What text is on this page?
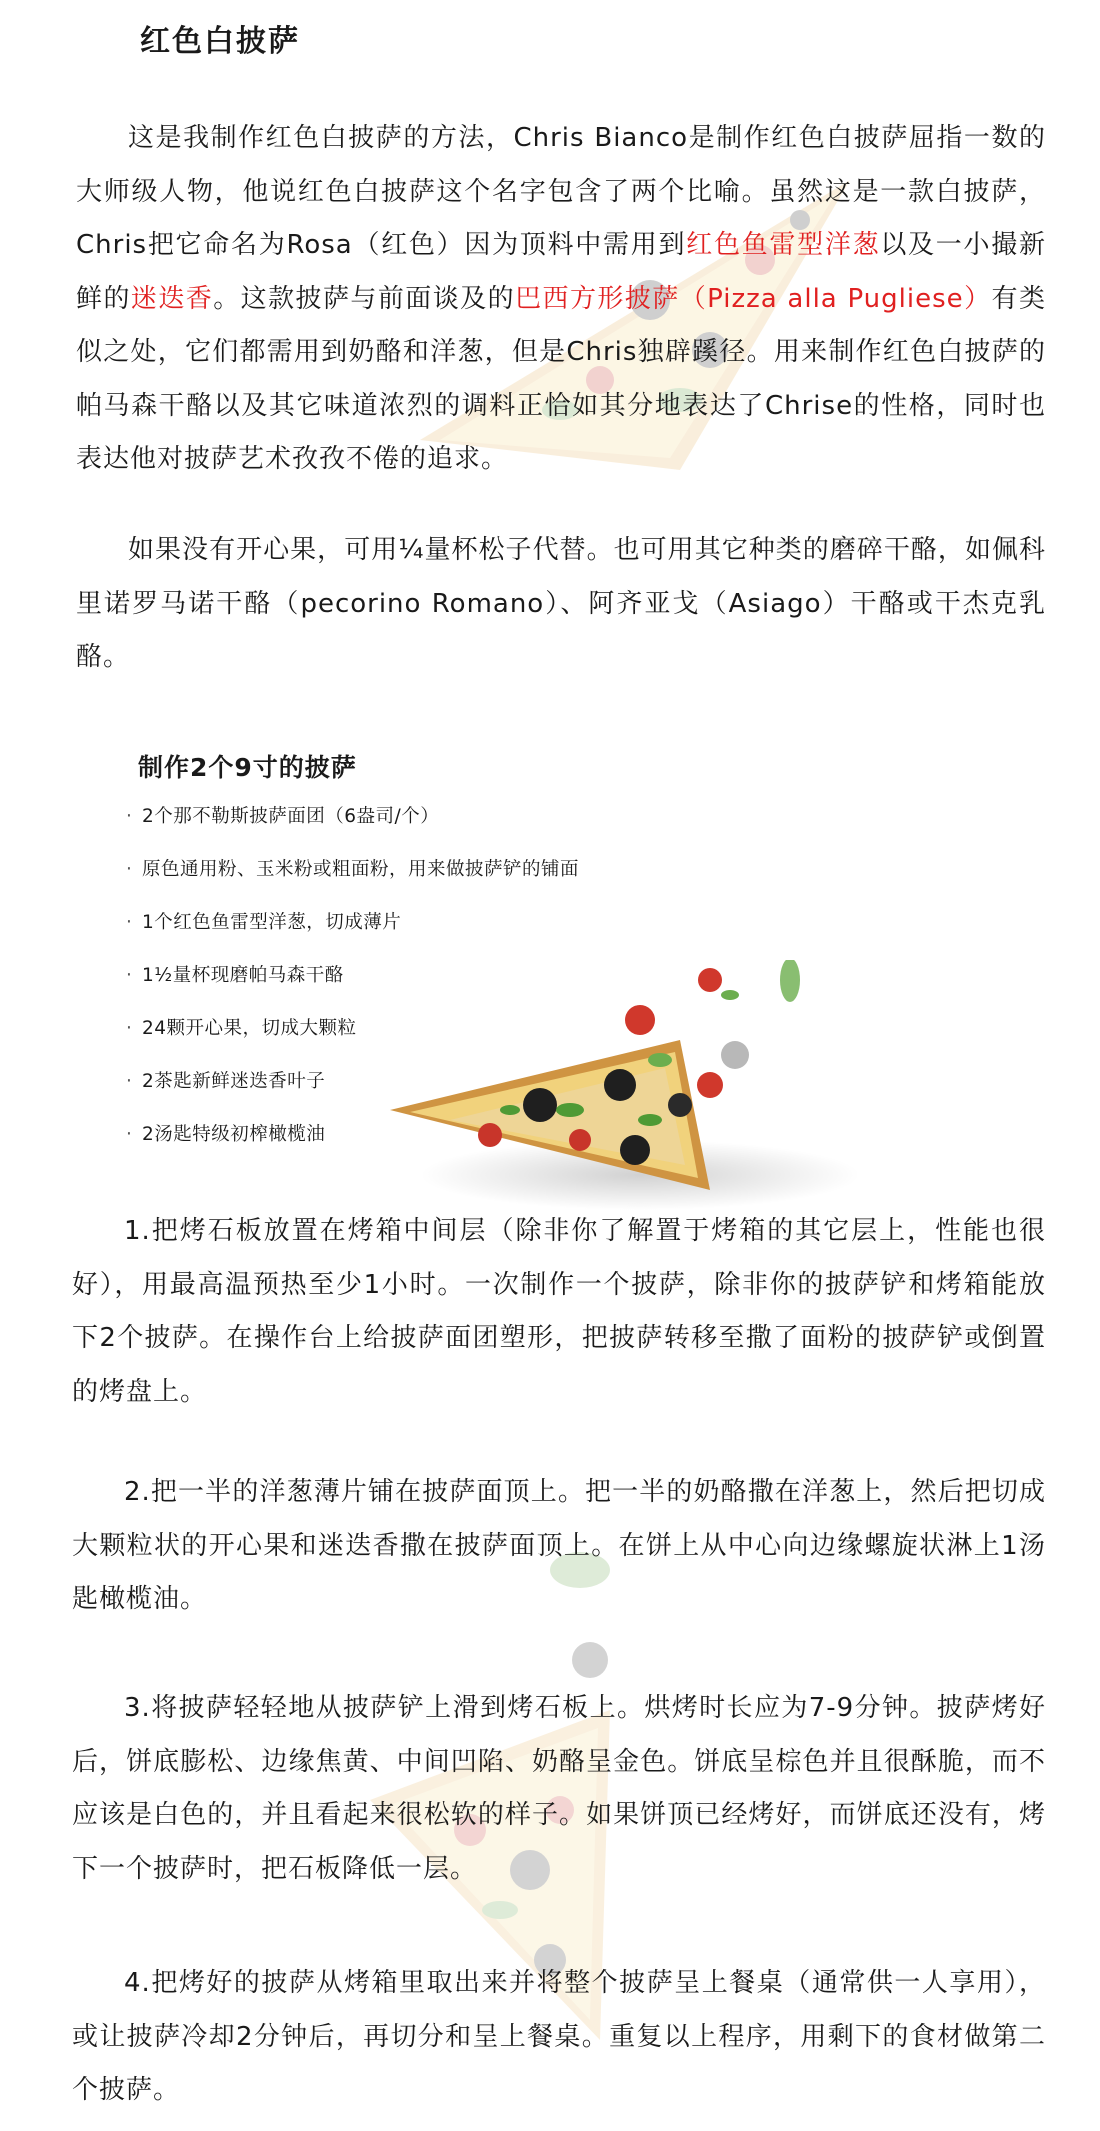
红色白披萨

这是我制作红色白披萨的方法，Chris Bianco是制作红色白披萨屈指一数的大师级人物，他说红色白披萨这个名字包含了两个比喻。虽然这是一款白披萨，Chris把它命名为Rosa（红色）因为顶料中需用到红色鱼雷型洋葱以及一小撮新鲜的迷迭香。这款披萨与前面谈及的巴西方形披萨（Pizza alla Pugliese）有类似之处，它们都需用到奶酪和洋葱，但是Chris独辟蹊径。用来制作红色白披萨的帕马森干酪以及其它味道浓烈的调料正恰如其分地表达了Chrise的性格，同时也表达他对披萨艺术孜孜不倦的追求。

如果没有开心果，可用¼量杯松子代替。也可用其它种类的磨碎干酪，如佩科里诺罗马诺干酪（pecorino Romano）、阿齐亚戈（Asiago）干酪或干杰克乳酪。

制作2个9寸的披萨
· 2个那不勒斯披萨面团（6盎司/个）
· 原色通用粉、玉米粉或粗面粉，用来做披萨铲的铺面
· 1个红色鱼雷型洋葱，切成薄片
· 1½量杯现磨帕马森干酪
· 24颗开心果，切成大颗粒
· 2茶匙新鲜迷迭香叶子
· 2汤匙特级初榨橄榄油

1.把烤石板放置在烤箱中间层（除非你了解置于烤箱的其它层上，性能也很好），用最高温预热至少1小时。一次制作一个披萨，除非你的披萨铲和烤箱能放下2个披萨。在操作台上给披萨面团塑形，把披萨转移至撒了面粉的披萨铲或倒置的烤盘上。

2.把一半的洋葱薄片铺在披萨面顶上。把一半的奶酪撒在洋葱上，然后把切成大颗粒状的开心果和迷迭香撒在披萨面顶上。在饼上从中心向边缘螺旋状淋上1汤匙橄榄油。

3.将披萨轻轻地从披萨铲上滑到烤石板上。烘烤时长应为7-9分钟。披萨烤好后，饼底膨松、边缘焦黄、中间凹陷、奶酪呈金色。饼底呈棕色并且很酥脆，而不应该是白色的，并且看起来很松软的样子。如果饼顶已经烤好，而饼底还没有，烤下一个披萨时，把石板降低一层。

4.把烤好的披萨从烤箱里取出来并将整个披萨呈上餐桌（通常供一人享用），或让披萨冷却2分钟后，再切分和呈上餐桌。重复以上程序，用剩下的食材做第二个披萨。
